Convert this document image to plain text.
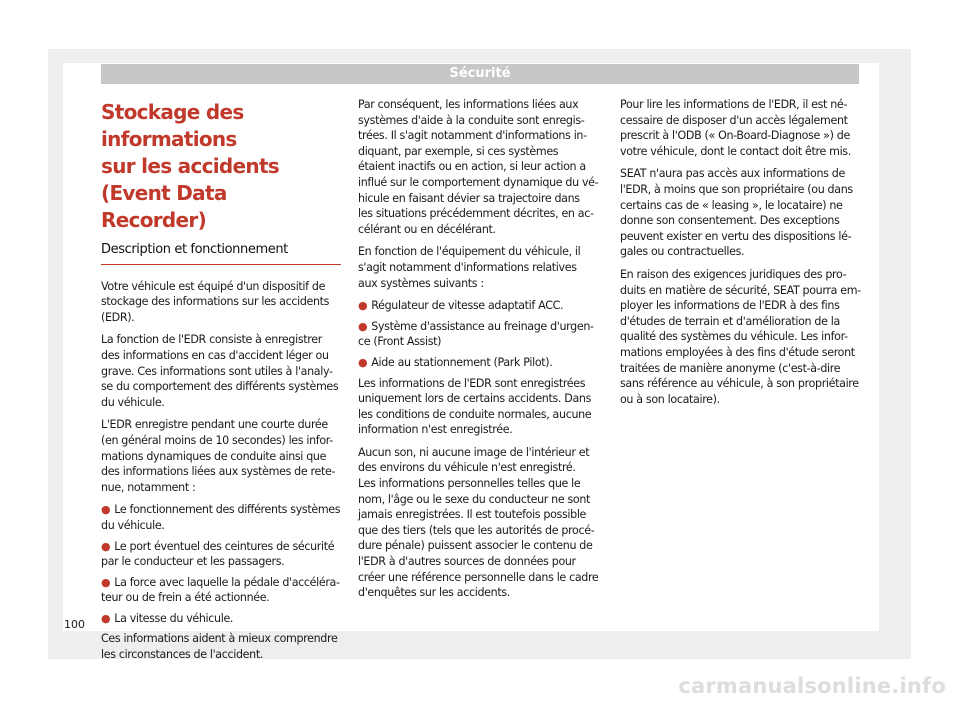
Sécurité
Stockage des informations
sur les accidents (Event Data
Recorder)
Description et fonctionnement

Votre véhicule est équipé d'un dispositif de
stockage des informations sur les accidents
(EDR).

La fonction de l'EDR consiste à enregistrer
des informations en cas d'accident léger ou
grave. Ces informations sont utiles à l'analy-
se du comportement des différents systèmes
du véhicule.

L'EDR enregistre pendant une courte durée
(en général moins de 10 secondes) les infor-
mations dynamiques de conduite ainsi que
des informations liées aux systèmes de rete-
nue, notamment :

● Le fonctionnement des différents systèmes
du véhicule.
● Le port éventuel des ceintures de sécurité
par le conducteur et les passagers.
● La force avec laquelle la pédale d'accéléra-
teur ou de frein a été actionnée.
● La vitesse du véhicule.

Ces informations aident à mieux comprendre
les circonstances de l'accident.

Par conséquent, les informations liées aux
systèmes d'aide à la conduite sont enregis-
trées. Il s'agit notamment d'informations in-
diquant, par exemple, si ces systèmes
étaient inactifs ou en action, si leur action a
influé sur le comportement dynamique du vé-
hicule en faisant dévier sa trajectoire dans
les situations précédemment décrites, en ac-
célérant ou en décélérant.

En fonction de l'équipement du véhicule, il
s'agit notamment d'informations relatives
aux systèmes suivants :

● Régulateur de vitesse adaptatif ACC.
● Système d'assistance au freinage d'urgen-
ce (Front Assist)
● Aide au stationnement (Park Pilot).

Les informations de l'EDR sont enregistrées
uniquement lors de certains accidents. Dans
les conditions de conduite normales, aucune
information n'est enregistrée.

Aucun son, ni aucune image de l'intérieur et
des environs du véhicule n'est enregistré.
Les informations personnelles telles que le
nom, l'âge ou le sexe du conducteur ne sont
jamais enregistrées. Il est toutefois possible
que des tiers (tels que les autorités de procé-
dure pénale) puissent associer le contenu de
l'EDR à d'autres sources de données pour
créer une référence personnelle dans le cadre
d'enquêtes sur les accidents.

Pour lire les informations de l'EDR, il est né-
cessaire de disposer d'un accès légalement
prescrit à l'ODB (« On-Board-Diagnose ») de
votre véhicule, dont le contact doit être mis.

SEAT n'aura pas accès aux informations de
l'EDR, à moins que son propriétaire (ou dans
certains cas de « leasing », le locataire) ne
donne son consentement. Des exceptions
peuvent exister en vertu des dispositions lé-
gales ou contractuelles.

En raison des exigences juridiques des pro-
duits en matière de sécurité, SEAT pourra em-
ployer les informations de l'EDR à des fins
d'études de terrain et d'amélioration de la
qualité des systèmes du véhicule. Les infor-
mations employées à des fins d'étude seront
traitées de manière anonyme (c'est-à-dire
sans référence au véhicule, à son propriétaire
ou à son locataire).

100
carmanualsonline.info
